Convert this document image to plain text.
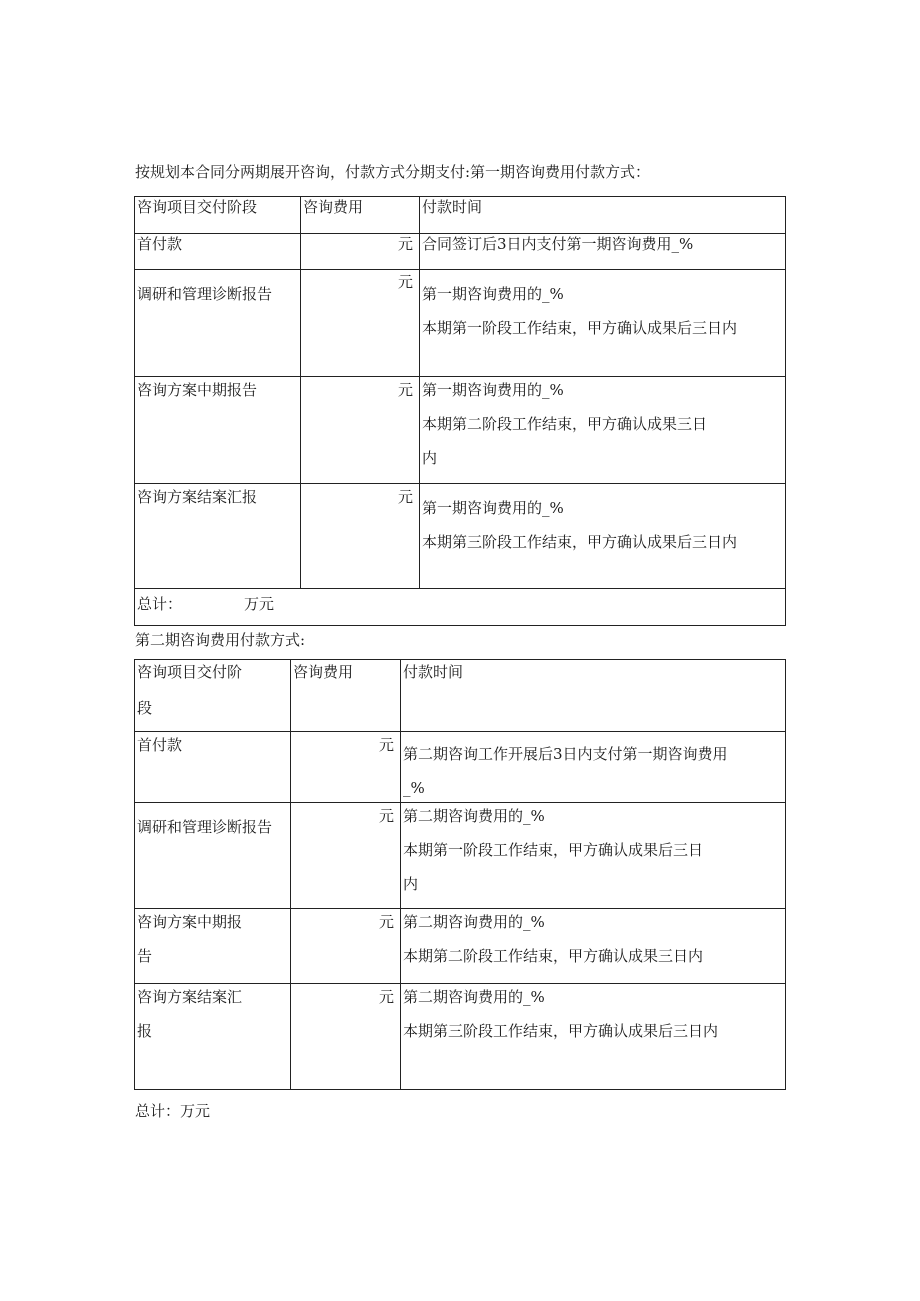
按规划本合同分两期展开咨询，付款方式分期支付:第一期咨询费用付款方式：
咨询项目交付阶段	咨询费用	付款时间
首付款	元	合同签订后3日内支付第一期咨询费用_%

调研和管理诊断报告	元	第一期咨询费用的_%
本期第一阶段工作结束，甲方确认成果后三日内

咨询方案中期报告	元	第一期咨询费用的_%
本期第二阶段工作结束，甲方确认成果三日
内

咨询方案结案汇报	元	第一期咨询费用的_%
本期第三阶段工作结束，甲方确认成果后三日内

总计： 万元		
第二期咨询费用付款方式:
咨询项目交付阶
段	咨询费用	付款时间
首付款	元	第二期咨询工作开展后3日内支付第一期咨询费用
_%

调研和管理诊断报告	元	第二期咨询费用的_%
本期第一阶段工作结束，甲方确认成果后三日
内

咨询方案中期报
告	元	第二期咨询费用的_%
本期第二阶段工作结束，甲方确认成果三日内

咨询方案结案汇
报	元	第二期咨询费用的_%
本期第三阶段工作结束，甲方确认成果后三日内
总计：万元
